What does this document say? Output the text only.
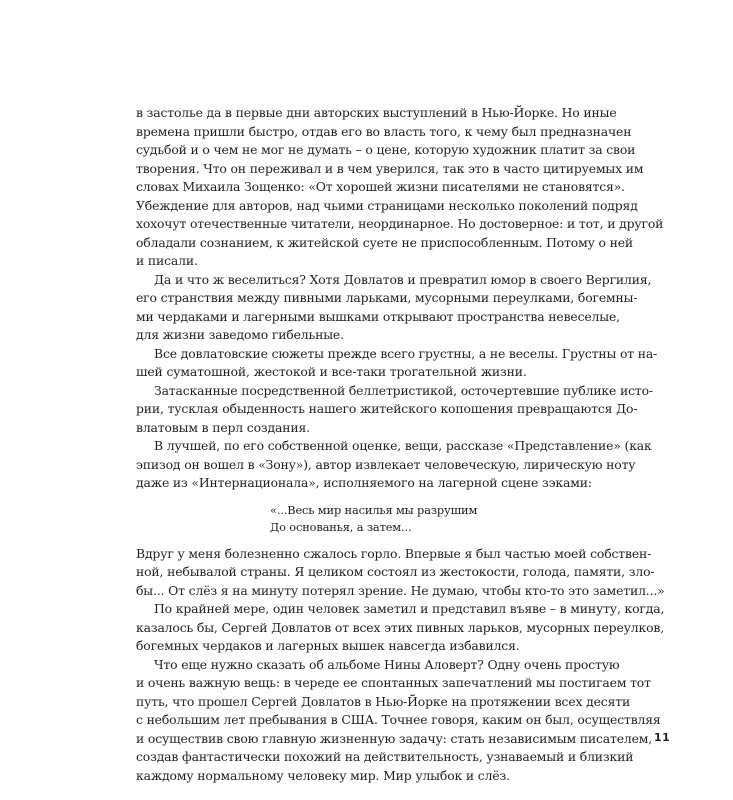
в застолье да в первые дни авторских выступлений в Нью-Йорке. Но иные
времена пришли быстро, отдав его во власть того, к чему был предназначен
судьбой и о чем не мог не думать – о цене, которую художник платит за свои
творения. Что он переживал и в чем уверился, так это в часто цитируемых им
словах Михаила Зощенко: «От хорошей жизни писателями не становятся».
Убеждение для авторов, над чьими страницами несколько поколений подряд
хохочут отечественные читатели, неординарное. Но достоверное: и тот, и другой
обладали сознанием, к житейской суете не приспособленным. Потому о ней
и писали.
Да и что ж веселиться? Хотя Довлатов и превратил юмор в своего Вергилия,
его странствия между пивными ларьками, мусорными переулками, богемны-
ми чердаками и лагерными вышками открывают пространства невеселые,
для жизни заведомо гибельные.
Все довлатовские сюжеты прежде всего грустны, а не веселы. Грустны от на-
шей суматошной, жестокой и все-таки трогательной жизни.
Затасканные посредственной беллетристикой, осточертевшие публике исто-
рии, тусклая обыденность нашего житейского копошения превращаются До-
влатовым в перл создания.
В лучшей, по его собственной оценке, вещи, рассказе «Представление» (как
эпизод он вошел в «Зону»), автор извлекает человеческую, лирическую ноту
даже из «Интернационала», исполняемого на лагерной сцене зэками:
«...Весь мир насилья мы разрушим
До основанья, а затем...
Вдруг у меня болезненно сжалось горло. Впервые я был частью моей собствен-
ной, небывалой страны. Я целиком состоял из жестокости, голода, памяти, зло-
бы... От слёз я на минуту потерял зрение. Не думаю, чтобы кто-то это заметил...»
По крайней мере, один человек заметил и представил въяве – в минуту, когда,
казалось бы, Сергей Довлатов от всех этих пивных ларьков, мусорных переулков,
богемных чердаков и лагерных вышек навсегда избавился.
Что еще нужно сказать об альбоме Нины Аловерт? Одну очень простую
и очень важную вещь: в череде ее спонтанных запечатлений мы постигаем тот
путь, что прошел Сергей Довлатов в Нью-Йорке на протяжении всех десяти
с небольшим лет пребывания в США. Точнее говоря, каким он был, осуществляя
и осуществив свою главную жизненную задачу: стать независимым писателем,
создав фантастически похожий на действительность, узнаваемый и близкий
каждому нормальному человеку мир. Мир улыбок и слёз.
11
